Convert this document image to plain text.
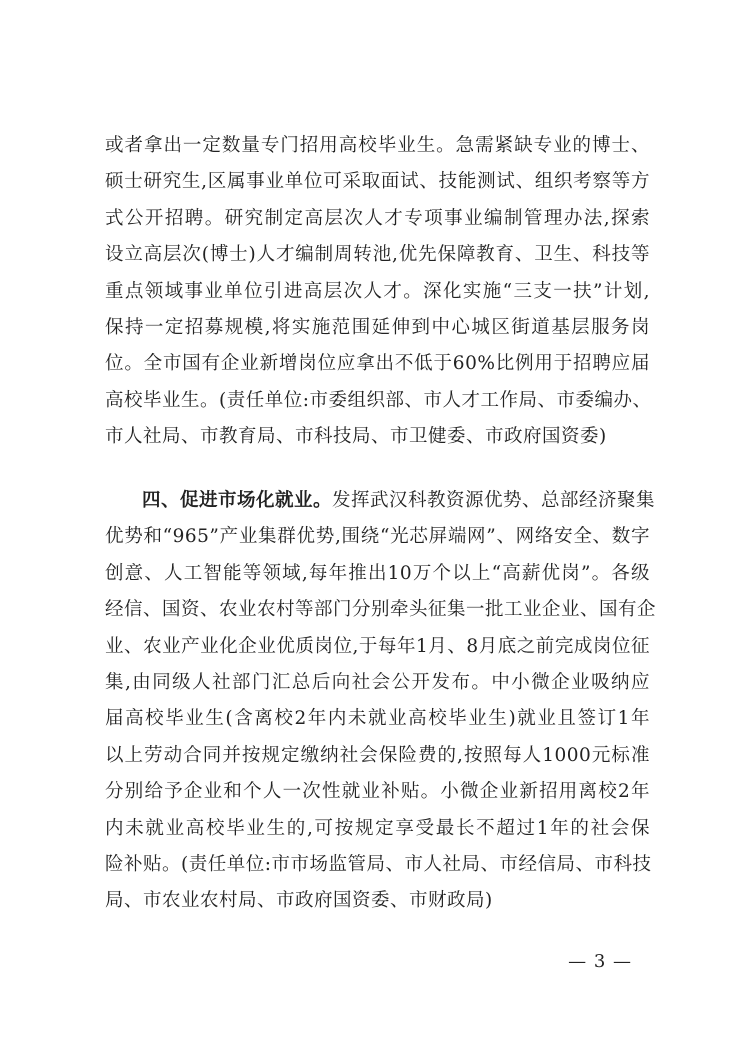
或者拿出一定数量专门招用高校毕业生。急需紧缺专业的博士、
硕士研究生,区属事业单位可采取面试、技能测试、组织考察等方
式公开招聘。研究制定高层次人才专项事业编制管理办法,探索
设立高层次(博士)人才编制周转池,优先保障教育、卫生、科技等
重点领域事业单位引进高层次人才。深化实施“三支一扶”计划,
保持一定招募规模,将实施范围延伸到中心城区街道基层服务岗
位。全市国有企业新增岗位应拿出不低于60%比例用于招聘应届
高校毕业生。(责任单位:市委组织部、市人才工作局、市委编办、
市人社局、市教育局、市科技局、市卫健委、市政府国资委)
四、促进市场化就业。发挥武汉科教资源优势、总部经济聚集
优势和“965”产业集群优势,围绕“光芯屏端网”、网络安全、数字
创意、人工智能等领域,每年推出10万个以上“高薪优岗”。各级
经信、国资、农业农村等部门分别牵头征集一批工业企业、国有企
业、农业产业化企业优质岗位,于每年1月、8月底之前完成岗位征
集,由同级人社部门汇总后向社会公开发布。中小微企业吸纳应
届高校毕业生(含离校2年内未就业高校毕业生)就业且签订1年
以上劳动合同并按规定缴纳社会保险费的,按照每人1000元标准
分别给予企业和个人一次性就业补贴。小微企业新招用离校2年
内未就业高校毕业生的,可按规定享受最长不超过1年的社会保
险补贴。(责任单位:市市场监管局、市人社局、市经信局、市科技
局、市农业农村局、市政府国资委、市财政局)
— 3 —
